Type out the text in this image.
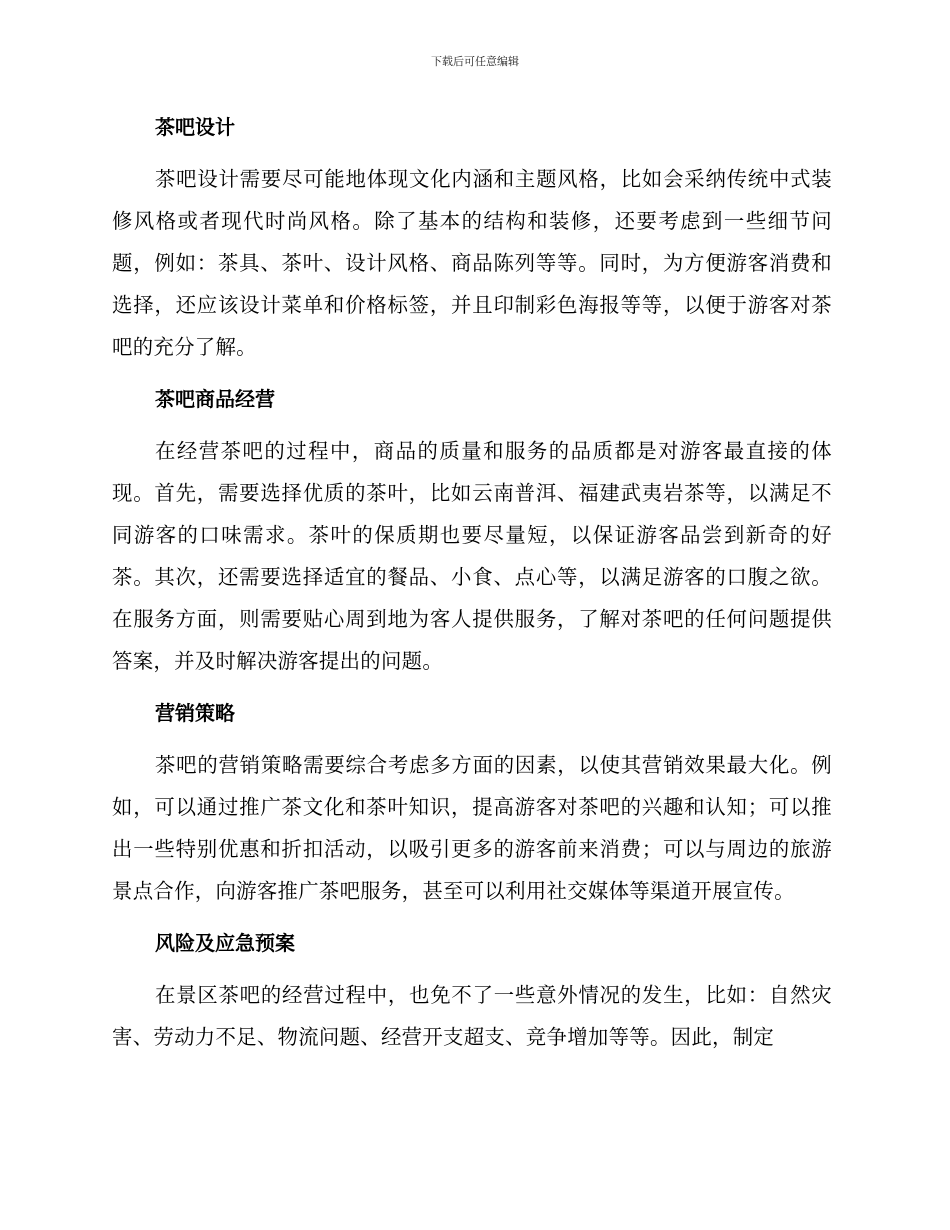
下载后可任意编辑
茶吧设计

茶吧设计需要尽可能地体现文化内涵和主题风格，比如会采纳传统中式装修风格或者现代时尚风格。除了基本的结构和装修，还要考虑到一些细节问题，例如：茶具、茶叶、设计风格、商品陈列等等。同时，为方便游客消费和选择，还应该设计菜单和价格标签，并且印制彩色海报等等，以便于游客对茶吧的充分了解。

茶吧商品经营

在经营茶吧的过程中，商品的质量和服务的品质都是对游客最直接的体现。首先，需要选择优质的茶叶，比如云南普洱、福建武夷岩茶等，以满足不同游客的口味需求。茶叶的保质期也要尽量短，以保证游客品尝到新奇的好茶。其次，还需要选择适宜的餐品、小食、点心等，以满足游客的口腹之欲。在服务方面，则需要贴心周到地为客人提供服务，了解对茶吧的任何问题提供答案，并及时解决游客提出的问题。

营销策略

茶吧的营销策略需要综合考虑多方面的因素，以使其营销效果最大化。例如，可以通过推广茶文化和茶叶知识，提高游客对茶吧的兴趣和认知；可以推出一些特别优惠和折扣活动，以吸引更多的游客前来消费；可以与周边的旅游景点合作，向游客推广茶吧服务，甚至可以利用社交媒体等渠道开展宣传。

风险及应急预案

在景区茶吧的经营过程中，也免不了一些意外情况的发生，比如：自然灾害、劳动力不足、物流问题、经营开支超支、竞争增加等等。因此，制定
